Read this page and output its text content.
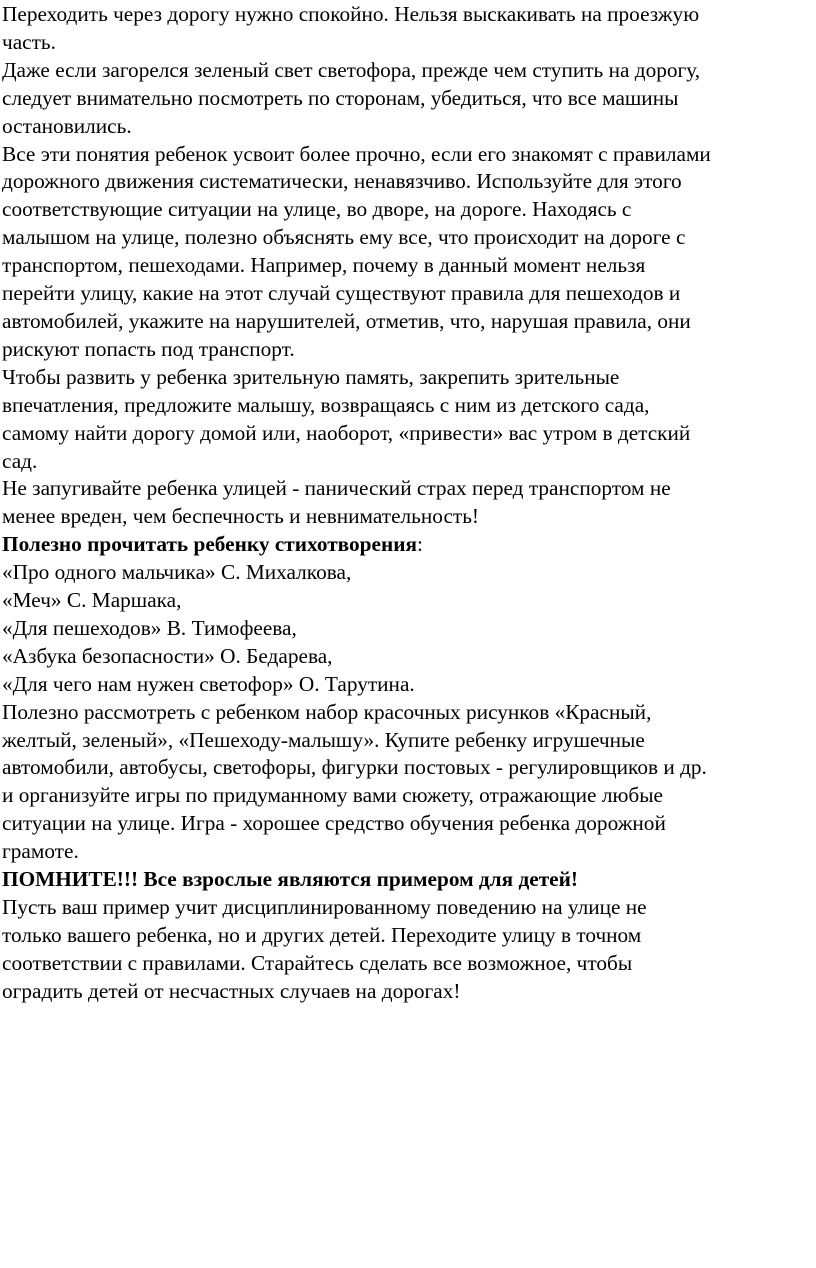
Переходить через дорогу нужно спокойно. Нельзя выскакивать на проезжую

часть.

Даже если загорелся зеленый свет светофора, прежде чем ступить на дорогу,

следует внимательно посмотреть по сторонам, убедиться, что все машины

остановились.

Все эти понятия ребенок усвоит более прочно, если его знакомят с правилами

дорожного движения систематически, ненавязчиво. Используйте для этого

соответствующие ситуации на улице, во дворе, на дороге. Находясь с

малышом на улице, полезно объяснять ему все, что происходит на дороге с

транспортом, пешеходами. Например, почему в данный момент нельзя

перейти улицу, какие на этот случай существуют правила для пешеходов и

автомобилей, укажите на нарушителей, отметив, что, нарушая правила, они

рискуют попасть под транспорт.

Чтобы развить у ребенка зрительную память, закрепить зрительные

впечатления, предложите малышу, возвращаясь с ним из детского сада,

самому найти дорогу домой или, наоборот, «привести» вас утром в детский

сад.

Не запугивайте ребенка улицей - панический страх перед транспортом не

менее вреден, чем беспечность и невнимательность!

Полезно прочитать ребенку стихотворения:

«Про одного мальчика» С. Михалкова,

«Меч» С. Маршака,

«Для пешеходов» В. Тимофеева,

«Азбука безопасности» О. Бедарева,

«Для чего нам нужен светофор» О. Тарутина.

Полезно рассмотреть с ребенком набор красочных рисунков «Красный,

желтый, зеленый», «Пешеходу-малышу». Купите ребенку игрушечные

автомобили, автобусы, светофоры, фигурки постовых - регулировщиков и др.

и организуйте игры по придуманному вами сюжету, отражающие любые

ситуации на улице. Игра - хорошее средство обучения ребенка дорожной

грамоте.

ПОМНИТЕ!!! Все взрослые являются примером для детей!

Пусть ваш пример учит дисциплинированному поведению на улице не

только вашего ребенка, но и других детей. Переходите улицу в точном

соответствии с правилами. Старайтесь сделать все возможное, чтобы

оградить детей от несчастных случаев на дорогах!
